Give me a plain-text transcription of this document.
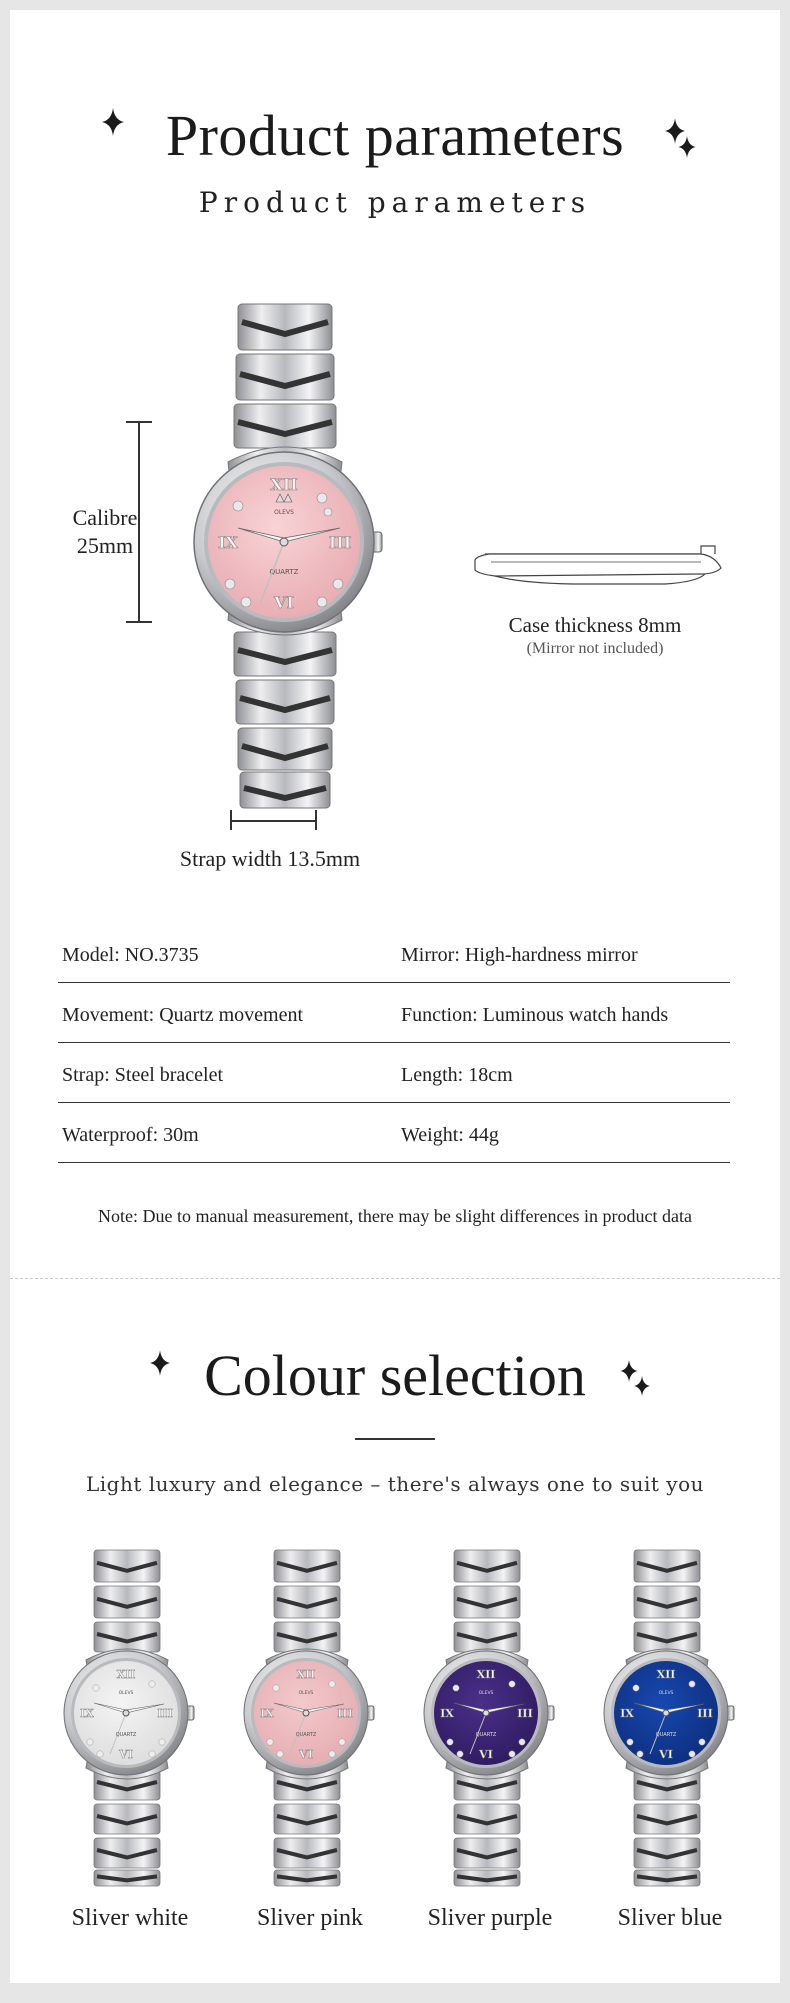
Product parameters
Product parameters
XII
III
VI
IX
OLEVS
QUARTZ
Calibre 25mm
Strap width 13.5mm
Case thickness 8mm
(Mirror not included)
Model: NO.3735	Mirror: High-hardness mirror
Movement: Quartz movement	Function: Luminous watch hands
Strap: Steel bracelet	Length: 18cm
Waterproof: 30m	Weight: 44g
Note: Due to manual measurement, there may be slight differences in product data
Colour selection
Light luxury and elegance – there's always one to suit you
XII
III
VI
IX
OLEVS
QUARTZ
XII
III
VI
IX
OLEVS
QUARTZ
XII
III
VI
IX
OLEVS
QUARTZ
XII
III
VI
IX
OLEVS
QUARTZ
Sliver white	Sliver pink	Sliver purple	Sliver blue
